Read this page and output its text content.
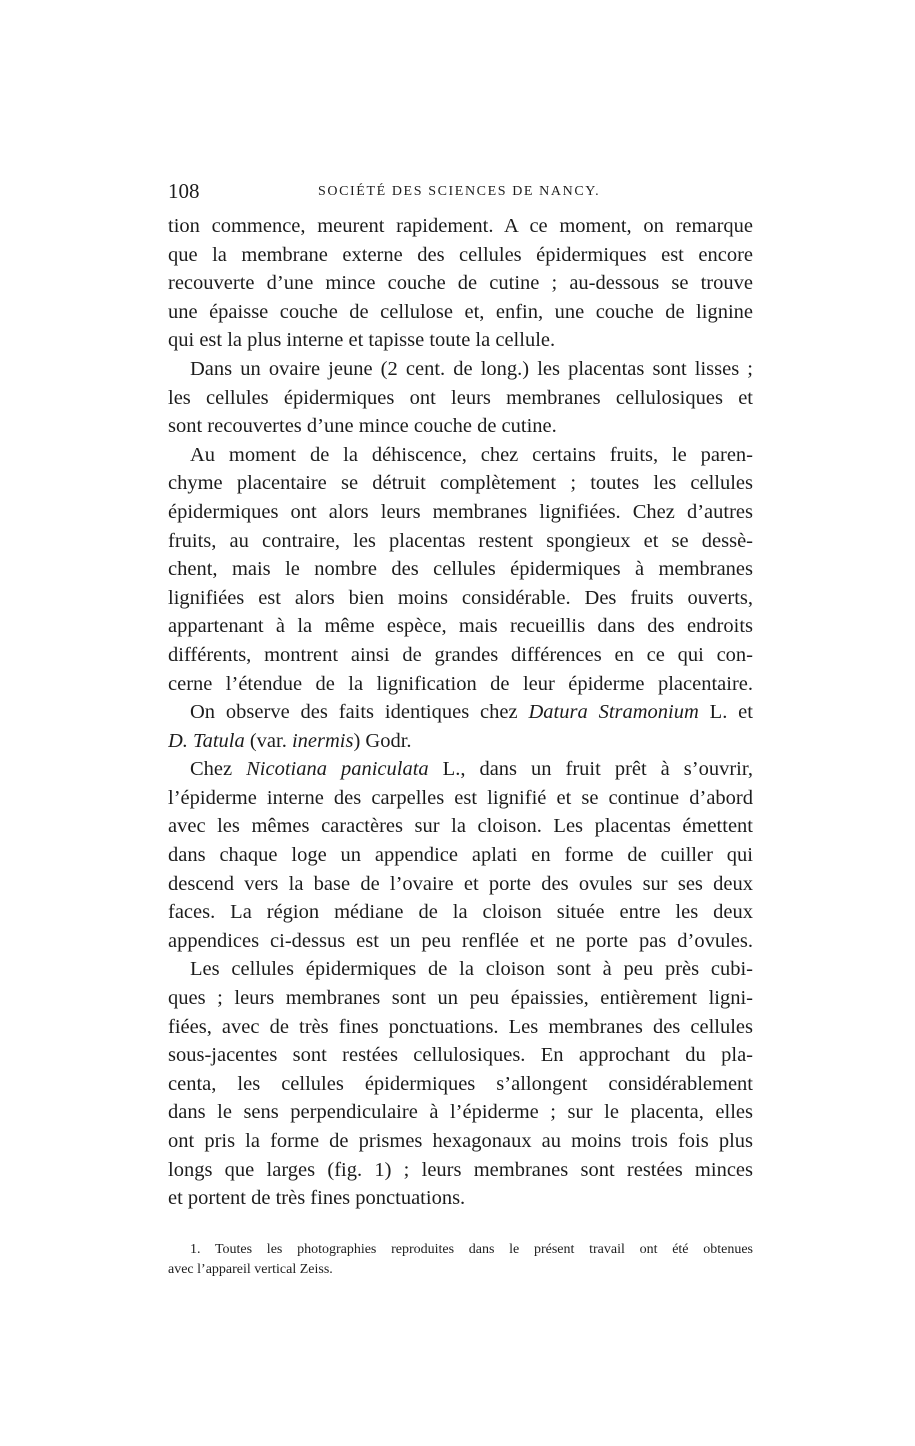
108	SOCIÉTÉ DES SCIENCES DE NANCY.
tion commence, meurent rapidement. A ce moment, on remarque
que la membrane externe des cellules épidermiques est encore
recouverte d’une mince couche de cutine ; au-dessous se trouve
une épaisse couche de cellulose et, enfin, une couche de lignine
qui est la plus interne et tapisse toute la cellule.
Dans un ovaire jeune (2 cent. de long.) les placentas sont lisses ;
les cellules épidermiques ont leurs membranes cellulosiques et
sont recouvertes d’une mince couche de cutine.
Au moment de la déhiscence, chez certains fruits, le paren-
chyme placentaire se détruit complètement ; toutes les cellules
épidermiques ont alors leurs membranes lignifiées. Chez d’autres
fruits, au contraire, les placentas restent spongieux et se dessè-
chent, mais le nombre des cellules épidermiques à membranes
lignifiées est alors bien moins considérable. Des fruits ouverts,
appartenant à la même espèce, mais recueillis dans des endroits
différents, montrent ainsi de grandes différences en ce qui con-
cerne l’étendue de la lignification de leur épiderme placentaire.
On observe des faits identiques chez Datura Stramonium L. et
D. Tatula (var. inermis) Godr.
Chez Nicotiana paniculata L., dans un fruit prêt à s’ouvrir,
l’épiderme interne des carpelles est lignifié et se continue d’abord
avec les mêmes caractères sur la cloison. Les placentas émettent
dans chaque loge un appendice aplati en forme de cuiller qui
descend vers la base de l’ovaire et porte des ovules sur ses deux
faces. La région médiane de la cloison située entre les deux
appendices ci-dessus est un peu renflée et ne porte pas d’ovules.
Les cellules épidermiques de la cloison sont à peu près cubi-
ques ; leurs membranes sont un peu épaissies, entièrement ligni-
fiées, avec de très fines ponctuations. Les membranes des cellules
sous-jacentes sont restées cellulosiques. En approchant du pla-
centa, les cellules épidermiques s’allongent considérablement
dans le sens perpendiculaire à l’épiderme ; sur le placenta, elles
ont pris la forme de prismes hexagonaux au moins trois fois plus
longs que larges (fig. 1) ; leurs membranes sont restées minces
et portent de très fines ponctuations.
1. Toutes les photographies reproduites dans le présent travail ont été obtenues
avec l’appareil vertical Zeiss.
